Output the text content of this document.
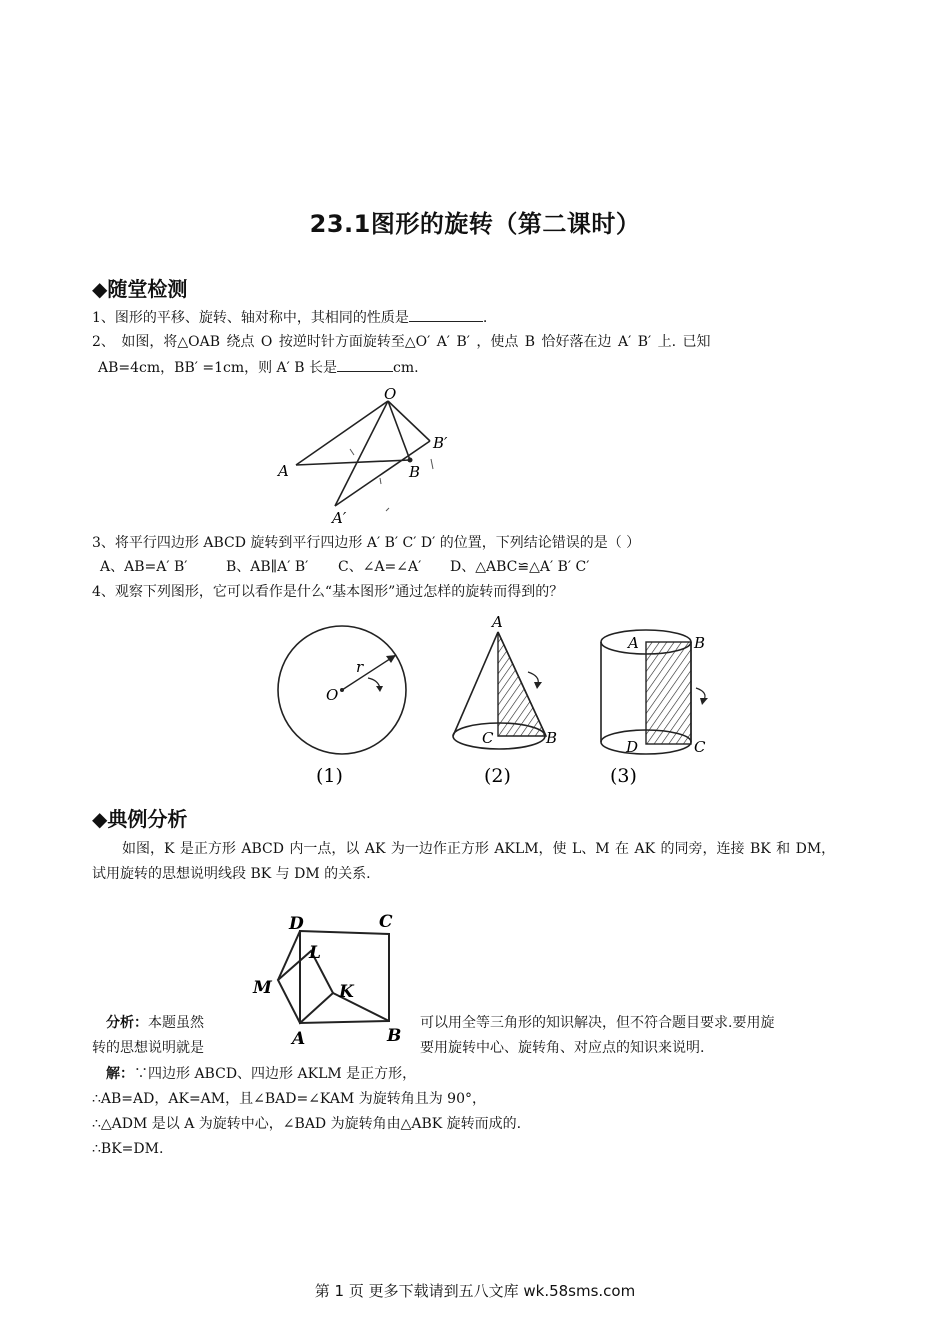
23.1图形的旋转（第二课时）
◆随堂检测
1、图形的平移、旋转、轴对称中，其相同的性质是	.
2、 如图，将△OAB 绕点 O 按逆时针方面旋转至△O′ A′ B′ ，使点 B 恰好落在边 A′ B′ 上. 已知
AB=4cm，BB′ =1cm，则 A′ B 长是	cm.
O
A	B
B′
A′
3、将平行四边形 ABCD 旋转到平行四边形 A′ B′ C′ D′ 的位置，下列结论错误的是（ ）
A、AB=A′ B′	B、AB∥A′ B′ C、∠A=∠A′ D、△ABC≌△A′ B′ C′
4、观察下列图形，它可以看作是什么“基本图形”通过怎样的旋转而得到的？
O
r
(1)
A
B
C
(2)
A	B
C
D
(3)
◆典例分析
如图，K 是正方形 ABCD 内一点，以 AK 为一边作正方形 AKLM，使 L、M 在 AK 的同旁，连接 BK 和 DM，
试用旋转的思想说明线段 BK 与 DM 的关系.
D	C
L
M	K
A	B
分析：本题虽然
转的思想说明就是
可以用全等三角形的知识解决，但不符合题目要求.要用旋
要用旋转中心、旋转角、对应点的知识来说明.
解：∵四边形 ABCD、四边形 AKLM 是正方形，
∴AB=AD，AK=AM，且∠BAD=∠KAM 为旋转角且为 90°，
∴△ADM 是以 A 为旋转中心，∠BAD 为旋转角由△ABK 旋转而成的.
∴BK=DM.
第 1 页 更多下载请到五八文库 wk.58sms.com
